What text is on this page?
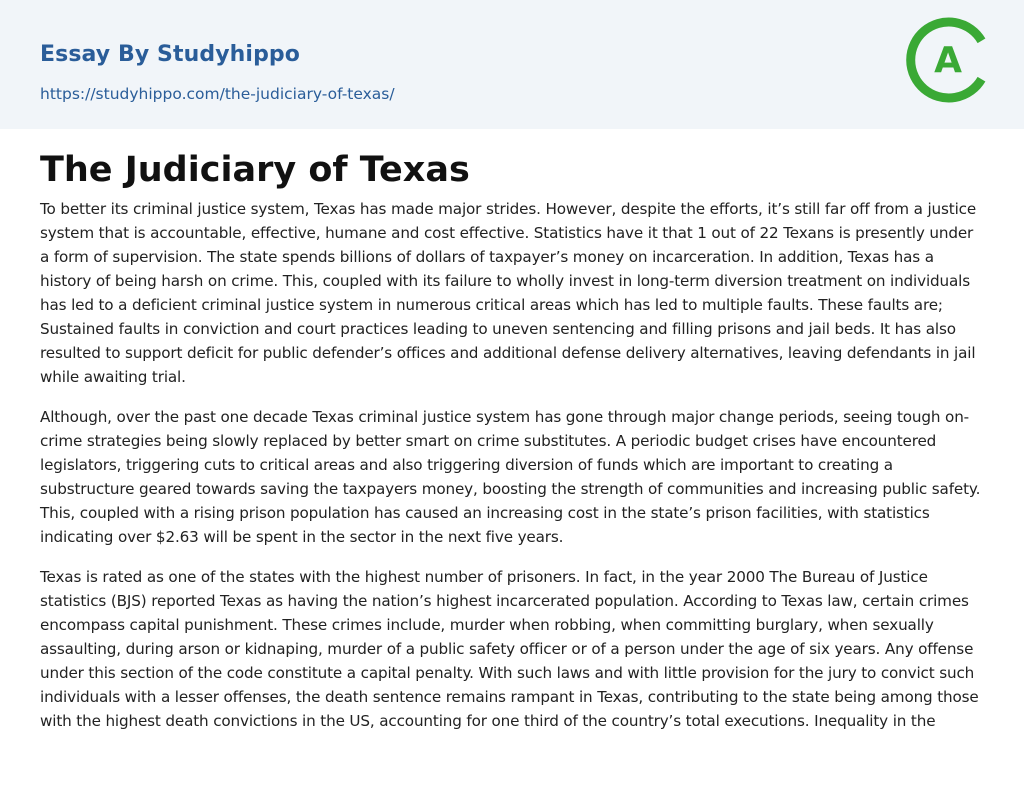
Essay By Studyhippo
https://studyhippo.com/the-judiciary-of-texas/
A
The Judiciary of Texas

To better its criminal justice system, Texas has made major strides. However, despite the efforts, it’s still far off from a justice system that is accountable, effective, humane and cost effective. Statistics have it that 1 out of 22 Texans is presently under a form of supervision. The state spends billions of dollars of taxpayer’s money on incarceration. In addition, Texas has a history of being harsh on crime. This, coupled with its failure to wholly invest in long-term diversion treatment on individuals has led to a deficient criminal justice system in numerous critical areas which has led to multiple faults. These faults are; Sustained faults in conviction and court practices leading to uneven sentencing and filling prisons and jail beds. It has also resulted to support deficit for public defender’s offices and additional defense delivery alternatives, leaving defendants in jail while awaiting trial.

Although, over the past one decade Texas criminal justice system has gone through major change periods, seeing tough on-crime strategies being slowly replaced by better smart on crime substitutes. A periodic budget crises have encountered legislators, triggering cuts to critical areas and also triggering diversion of funds which are important to creating a substructure geared towards saving the taxpayers money, boosting the strength of communities and increasing public safety. This, coupled with a rising prison population has caused an increasing cost in the state’s prison facilities, with statistics indicating over $2.63 will be spent in the sector in the next five years.

Texas is rated as one of the states with the highest number of prisoners. In fact, in the year 2000 The Bureau of Justice statistics (BJS) reported Texas as having the nation’s highest incarcerated population. According to Texas law, certain crimes encompass capital punishment. These crimes include, murder when robbing, when committing burglary, when sexually assaulting, during arson or kidnaping, murder of a public safety officer or of a person under the age of six years. Any offense under this section of the code constitute a capital penalty. With such laws and with little provision for the jury to convict such individuals with a lesser offenses, the death sentence remains rampant in Texas, contributing to the state being among those with the highest death convictions in the US, accounting for one third of the country’s total executions. Inequality in the
